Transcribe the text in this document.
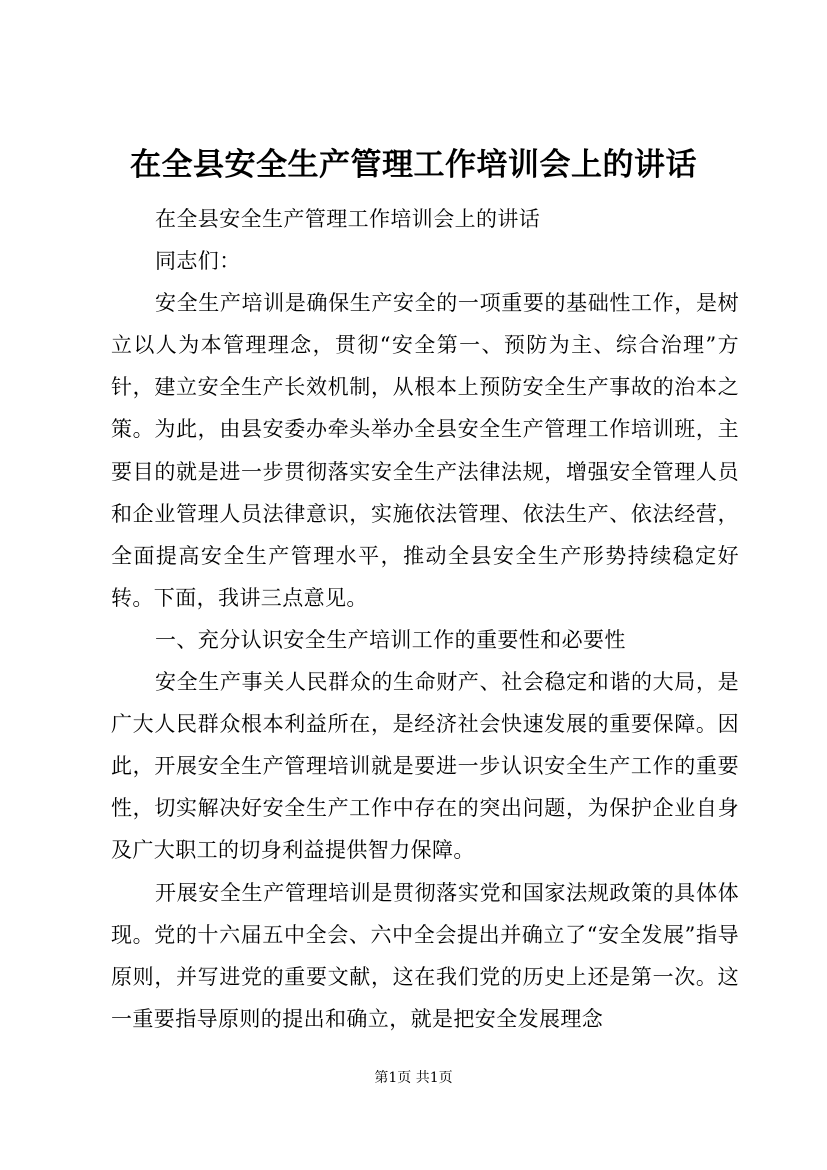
在全县安全生产管理工作培训会上的讲话

在全县安全生产管理工作培训会上的讲话

同志们：

安全生产培训是确保生产安全的一项重要的基础性工作，是树立以人为本管理理念，贯彻“安全第一、预防为主、综合治理”方针，建立安全生产长效机制，从根本上预防安全生产事故的治本之策。为此，由县安委办牵头举办全县安全生产管理工作培训班，主要目的就是进一步贯彻落实安全生产法律法规，增强安全管理人员和企业管理人员法律意识，实施依法管理、依法生产、依法经营，全面提高安全生产管理水平，推动全县安全生产形势持续稳定好转。下面，我讲三点意见。

一、充分认识安全生产培训工作的重要性和必要性

安全生产事关人民群众的生命财产、社会稳定和谐的大局，是广大人民群众根本利益所在，是经济社会快速发展的重要保障。因此，开展安全生产管理培训就是要进一步认识安全生产工作的重要性，切实解决好安全生产工作中存在的突出问题，为保护企业自身及广大职工的切身利益提供智力保障。

开展安全生产管理培训是贯彻落实党和国家法规政策的具体体现。党的十六届五中全会、六中全会提出并确立了“安全发展”指导原则，并写进党的重要文献，这在我们党的历史上还是第一次。这一重要指导原则的提出和确立，就是把安全发展理念

第1页 共1页
